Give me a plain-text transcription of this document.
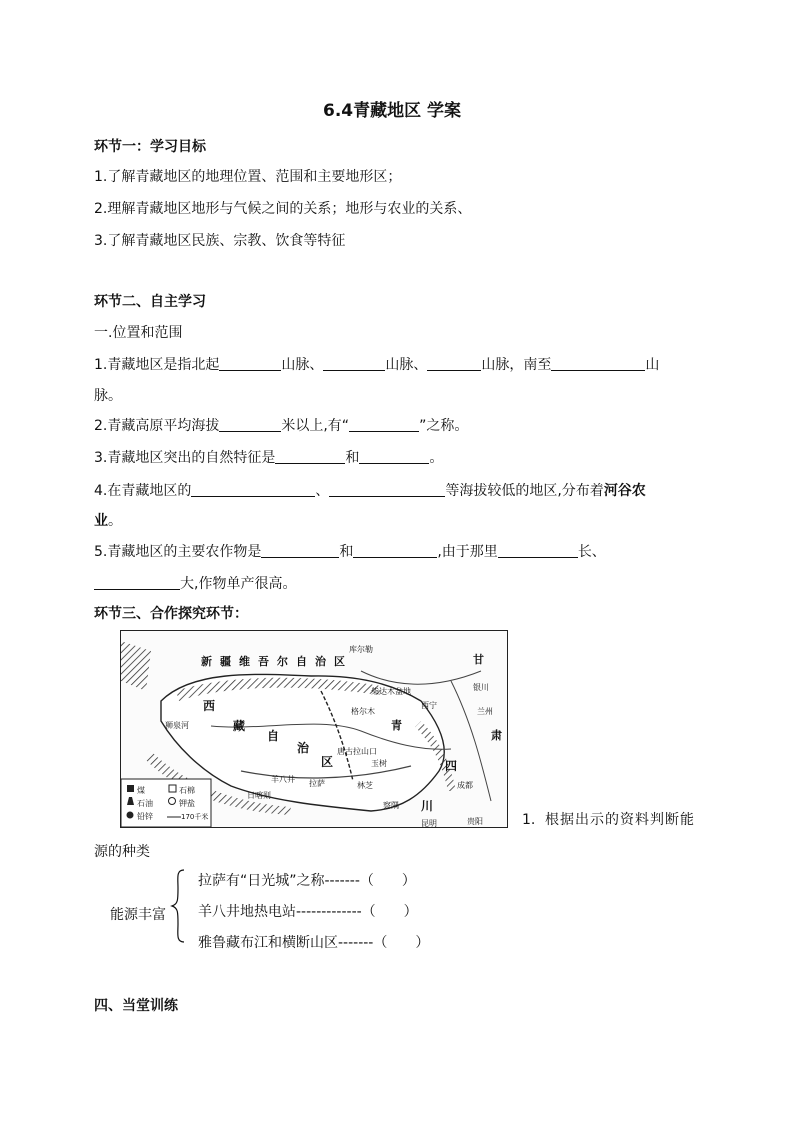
6.4青藏地区 学案
环节一：学习目标
1.了解青藏地区的地理位置、范围和主要地形区；
2.理解青藏地区地形与气候之间的关系；地形与农业的关系、
3.了解青藏地区民族、宗教、饮食等特征
环节二、自主学习
一.位置和范围
1.青藏地区是指北起	山脉、	山脉、	山脉，南至	山
脉。
2.青藏高原平均海拔	米以上,有“	”之称。
3.青藏地区突出的自然特征是	和	。
4.在青藏地区的	、	等海拔较低的地区,分布着河谷农
业。
5.青藏地区的主要农作物是	和	,由于那里	长、
大,作物单产很高。
环节三、合作探究环节：
库尔勒
新疆维吾尔自治区	甘
银川
兰州
西宁
肃
柴达木盆地
格尔木
青
西
藏
自
治
区
唐古拉山口
玉树
拉萨
羊八井
日喀则
林芝
川
成都
四
贵阳
昆明
察隅
狮泉河
煤	石棉
石油	钾盐
铅锌	170千米	1. 根据出示的资料判断能
源的种类
能源丰富
拉萨有“日光城”之称-------（　　）
羊八井地热电站-------------（　　）
雅鲁藏布江和横断山区-------（　　）
四、当堂训练
